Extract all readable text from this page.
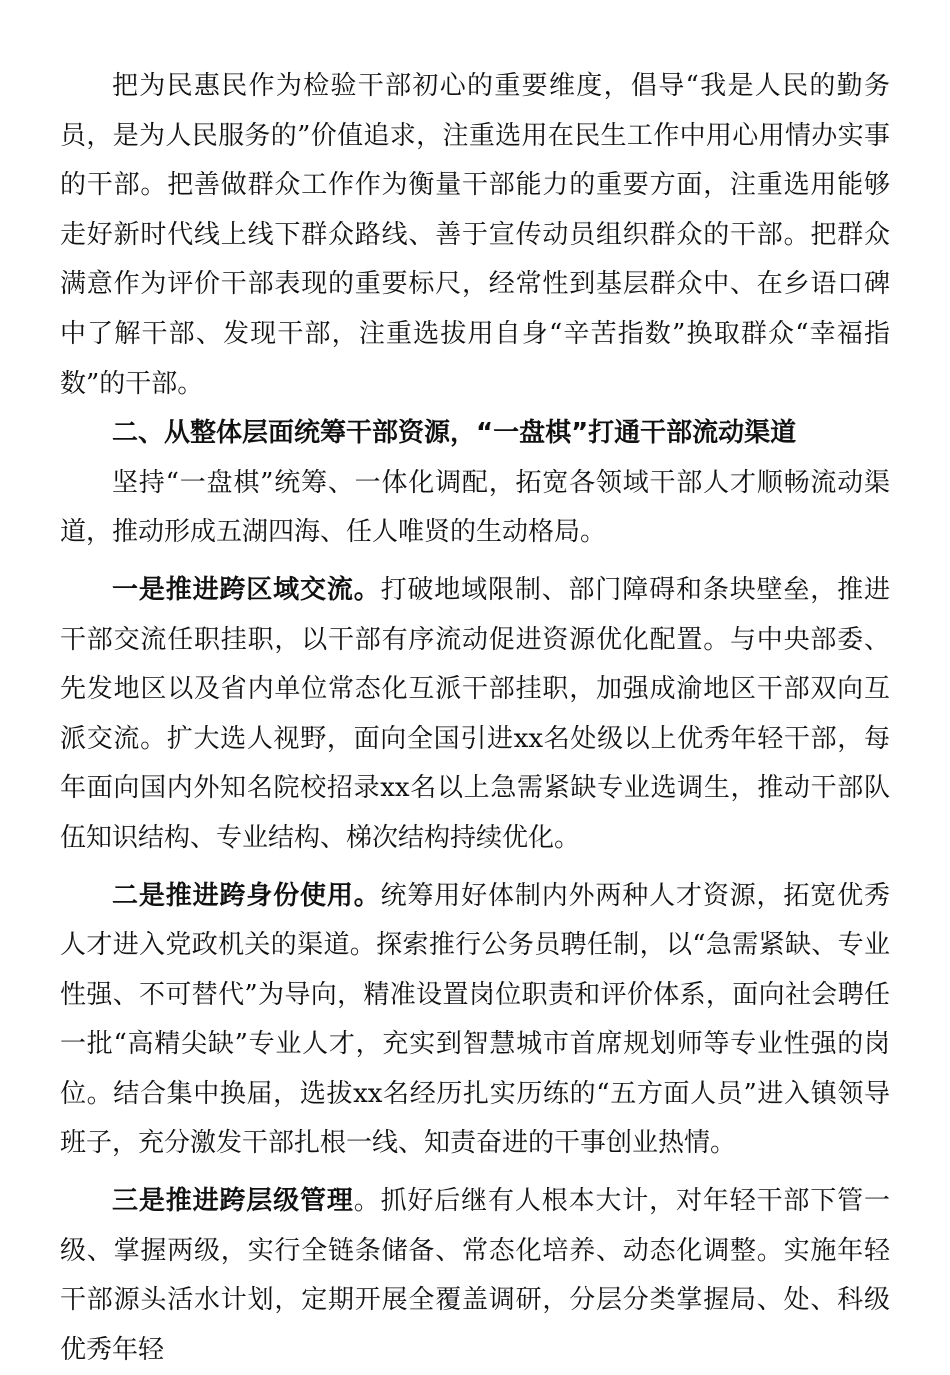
把为民惠民作为检验干部初心的重要维度，倡导“我是人民的勤务员，是为人民服务的”价值追求，注重选用在民生工作中用心用情办实事的干部。把善做群众工作作为衡量干部能力的重要方面，注重选用能够走好新时代线上线下群众路线、善于宣传动员组织群众的干部。把群众满意作为评价干部表现的重要标尺，经常性到基层群众中、在乡语口碑中了解干部、发现干部，注重选拔用自身“辛苦指数”换取群众“幸福指数”的干部。

二、从整体层面统筹干部资源，“一盘棋”打通干部流动渠道

坚持“一盘棋”统筹、一体化调配，拓宽各领域干部人才顺畅流动渠道，推动形成五湖四海、任人唯贤的生动格局。

一是推进跨区域交流。打破地域限制、部门障碍和条块壁垒，推进干部交流任职挂职，以干部有序流动促进资源优化配置。与中央部委、先发地区以及省内单位常态化互派干部挂职，加强成渝地区干部双向互派交流。扩大选人视野，面向全国引进xx名处级以上优秀年轻干部，每年面向国内外知名院校招录xx名以上急需紧缺专业选调生，推动干部队伍知识结构、专业结构、梯次结构持续优化。

二是推进跨身份使用。统筹用好体制内外两种人才资源，拓宽优秀人才进入党政机关的渠道。探索推行公务员聘任制，以“急需紧缺、专业性强、不可替代”为导向，精准设置岗位职责和评价体系，面向社会聘任一批“高精尖缺”专业人才，充实到智慧城市首席规划师等专业性强的岗位。结合集中换届，选拔xx名经历扎实历练的“五方面人员”进入镇领导班子，充分激发干部扎根一线、知责奋进的干事创业热情。

三是推进跨层级管理。抓好后继有人根本大计，对年轻干部下管一级、掌握两级，实行全链条储备、常态化培养、动态化调整。实施年轻干部源头活水计划，定期开展全覆盖调研，分层分类掌握局、处、科级优秀年轻
